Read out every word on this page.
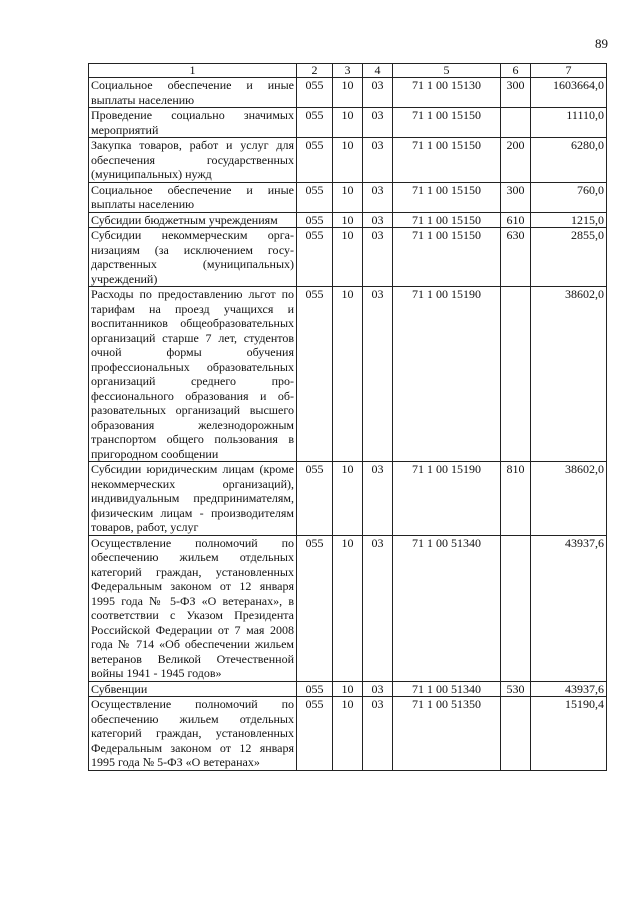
89
1	2	3	4	5	6	7
Социальное обеспечение и иные выплаты населению	055	10	03	71 1 00 15130	300	1603664,0
Проведение социально значимых мероприятий	055	10	03	71 1 00 15150		11110,0
Закупка товаров, работ и услуг для обеспечения государственных (муниципальных) нужд	055	10	03	71 1 00 15150	200	6280,0
Социальное обеспечение и иные выплаты населению	055	10	03	71 1 00 15150	300	760,0
Субсидии бюджетным учреждениям	055	10	03	71 1 00 15150	610	1215,0
Субсидии некоммерческим организациям (за исключением государственных (муниципальных) учреждений)	055	10	03	71 1 00 15150	630	2855,0
Расходы по предоставлению льгот по тарифам на проезд учащихся и воспитанников общеобразовательных организаций старше 7 лет, студентов очной формы обучения профессиональных образовательных организаций среднего профессионального образования и образовательных организаций высшего образования железнодорожным транспортом общего пользования в пригородном сообщении	055	10	03	71 1 00 15190		38602,0
Субсидии юридическим лицам (кроме некоммерческих организаций), индивидуальным предпринимателям, физическим лицам - производителям товаров, работ, услуг	055	10	03	71 1 00 15190	810	38602,0
Осуществление полномочий по обеспечению жильем отдельных категорий граждан, установленных Федеральным законом от 12 января 1995 года № 5-ФЗ «О ветеранах», в соответствии с Указом Президента Российской Федерации от 7 мая 2008 года № 714 «Об обеспечении жильем ветеранов Великой Отечественной войны 1941 - 1945 годов»	055	10	03	71 1 00 51340		43937,6
Субвенции	055	10	03	71 1 00 51340	530	43937,6
Осуществление полномочий по обеспечению жильем отдельных категорий граждан, установленных Федеральным законом от 12 января 1995 года № 5-ФЗ «О ветеранах»	055	10	03	71 1 00 51350		15190,4
